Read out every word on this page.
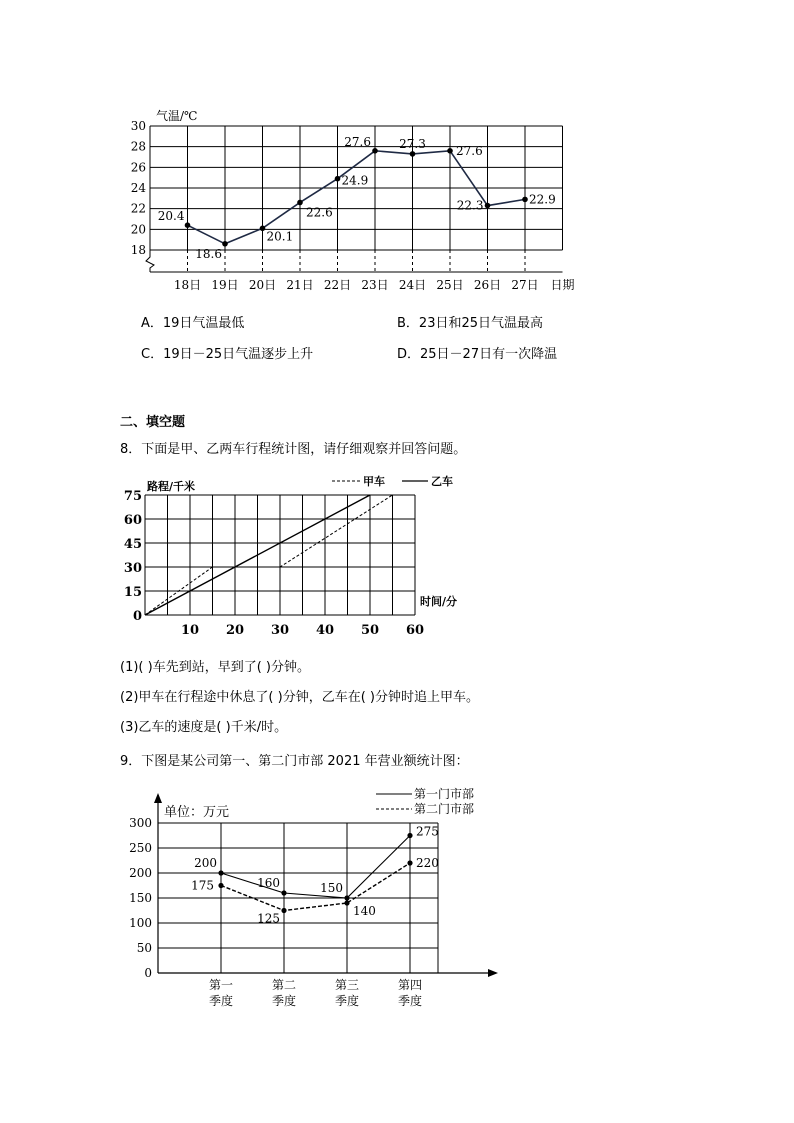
18
20
22
24
26
28
30
气温/℃
18日 19日 20日 21日 22日 23日 24日 25日 26日 27日 日期
20.4
18.6
20.1
22.6
24.9
27.6 27.3	27.6
22.3	22.9
A．19日气温最低	B．23日和25日气温最高
C．19日－25日气温逐步上升	D．25日－27日有一次降温
二、填空题
8．下面是甲、乙两车行程统计图，请仔细观察并回答问题。
0
15
30
45
60
75
10 20 30 40 50 60
路程/千米
时间/分
甲车	乙车
(1)( )车先到站，早到了( )分钟。
(2)甲车在行程途中休息了( )分钟，乙车在( )分钟时追上甲车。
(3)乙车的速度是( )千米/时。
9．下图是某公司第一、第二门市部 2021 年营业额统计图：
0
50
100
150
200
250
300
单位：万元
第一门市部
第二门市部
第一
季度
第二
季度
第三
季度
第四
季度
200
160	150
275
175
125
140
220
